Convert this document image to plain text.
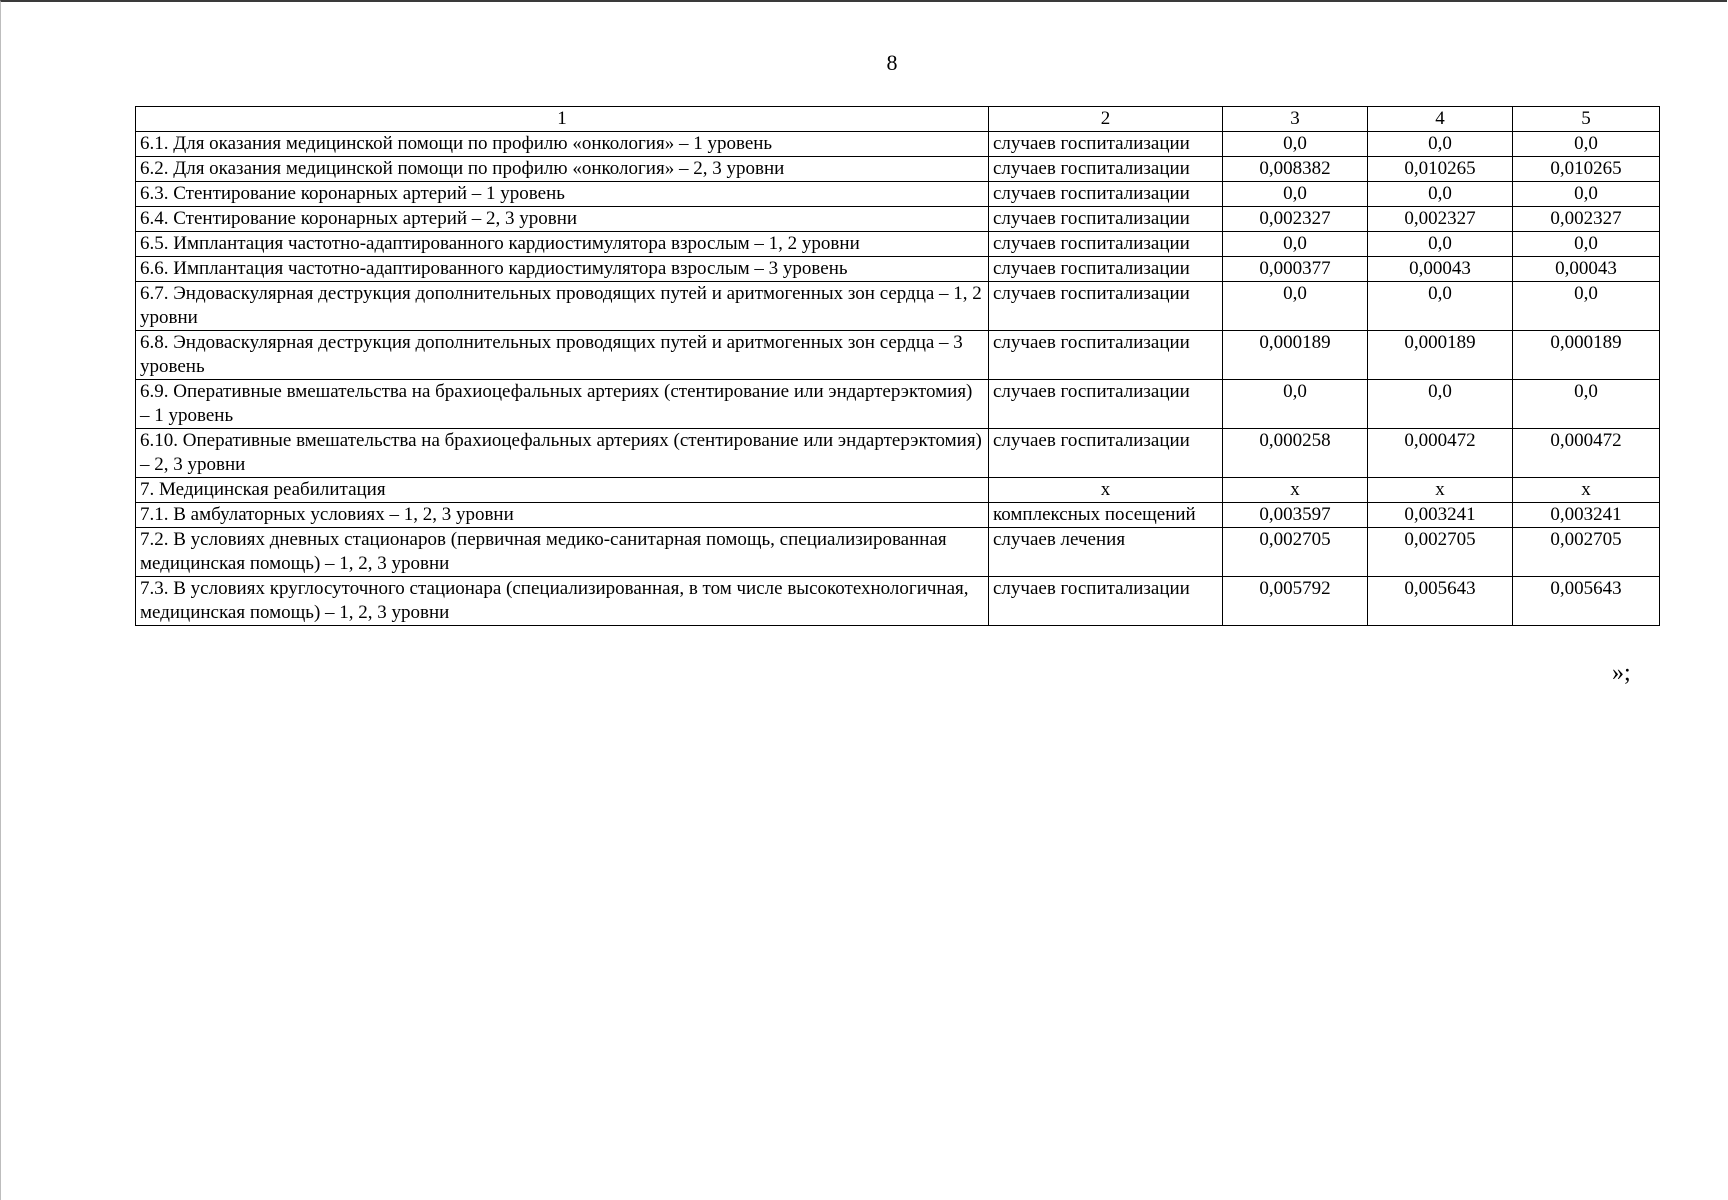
8
1	2	3	4	5
6.1. Для оказания медицинской помощи по профилю «онкология» – 1 уровень	случаев госпитализации	0,0	0,0	0,0
6.2. Для оказания медицинской помощи по профилю «онкология» – 2, 3 уровни	случаев госпитализации	0,008382	0,010265	0,010265
6.3. Стентирование коронарных артерий – 1 уровень	случаев госпитализации	0,0	0,0	0,0
6.4. Стентирование коронарных артерий – 2, 3 уровни	случаев госпитализации	0,002327	0,002327	0,002327
6.5. Имплантация частотно-адаптированного кардиостимулятора взрослым – 1, 2 уровни	случаев госпитализации	0,0	0,0	0,0
6.6. Имплантация частотно-адаптированного кардиостимулятора взрослым – 3 уровень	случаев госпитализации	0,000377	0,00043	0,00043
6.7. Эндоваскулярная деструкция дополнительных проводящих путей и аритмогенных зон сердца – 1, 2 уровни	случаев госпитализации	0,0	0,0	0,0
6.8. Эндоваскулярная деструкция дополнительных проводящих путей и аритмогенных зон сердца – 3 уровень	случаев госпитализации	0,000189	0,000189	0,000189
6.9. Оперативные вмешательства на брахиоцефальных артериях (стентирование или эндартерэктомия) – 1 уровень	случаев госпитализации	0,0	0,0	0,0
6.10. Оперативные вмешательства на брахиоцефальных артериях (стентирование или эндартерэктомия) – 2, 3 уровни	случаев госпитализации	0,000258	0,000472	0,000472
7. Медицинская реабилитация	х	х	х	х
7.1. В амбулаторных условиях – 1, 2, 3 уровни	комплексных посещений	0,003597	0,003241	0,003241
7.2. В условиях дневных стационаров (первичная медико-санитарная помощь, специализированная медицинская помощь) – 1, 2, 3 уровни	случаев лечения	0,002705	0,002705	0,002705
7.3. В условиях круглосуточного стационара (специализированная, в том числе высокотехнологичная, медицинская помощь) – 1, 2, 3 уровни	случаев госпитализации	0,005792	0,005643	0,005643
»;
